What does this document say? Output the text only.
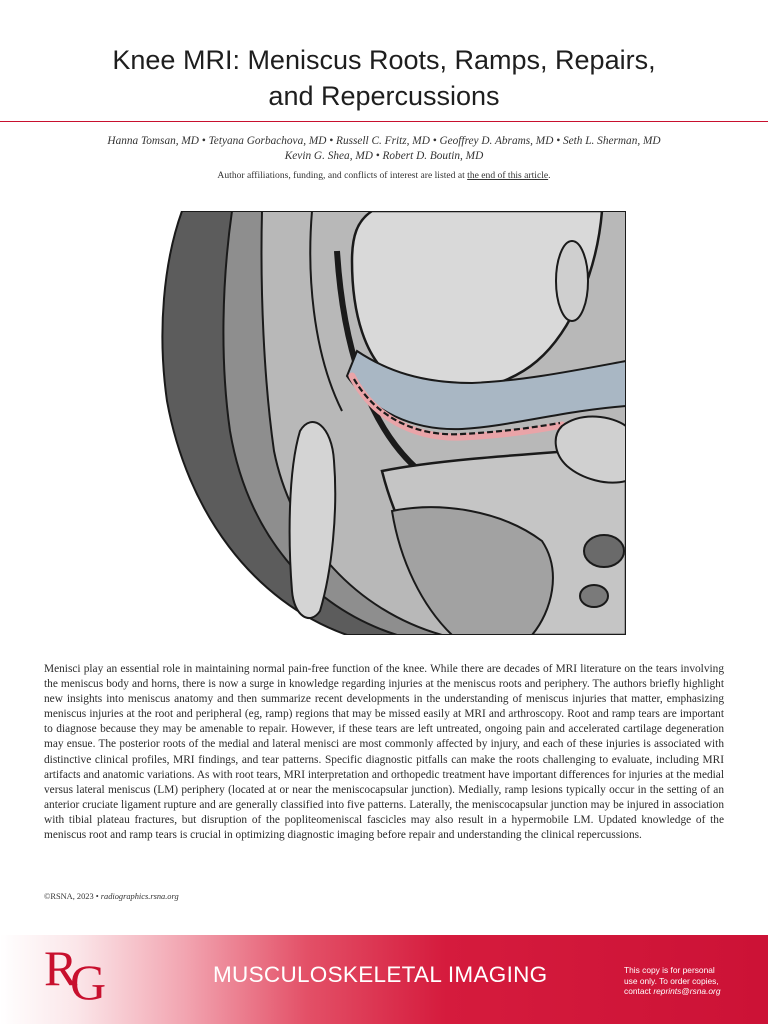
Knee MRI: Meniscus Roots, Ramps, Repairs,
and Repercussions
Hanna Tomsan, MD • Tetyana Gorbachova, MD • Russell C. Fritz, MD • Geoffrey D. Abrams, MD • Seth L. Sherman, MD
Kevin G. Shea, MD • Robert D. Boutin, MD
Author affiliations, funding, and conflicts of interest are listed at the end of this article.

Menisci play an essential role in maintaining normal pain-free function of the knee. While there are decades of MRI literature on the tears involving the meniscus body and horns, there is now a surge in knowledge regarding injuries at the meniscus roots and periphery. The authors briefly highlight new insights into meniscus anatomy and then summarize recent developments in the understanding of meniscus injuries that matter, emphasizing meniscus injuries at the root and peripheral (eg, ramp) regions that may be missed easily at MRI and arthroscopy. Root and ramp tears are important to diagnose because they may be amenable to repair. However, if these tears are left untreated, ongoing pain and accelerated cartilage degeneration may ensue. The posterior roots of the medial and lateral menisci are most commonly affected by injury, and each of these injuries is associated with distinctive clinical profiles, MRI findings, and tear patterns. Specific diagnostic pitfalls can make the roots challenging to evaluate, including MRI artifacts and anatomic variations. As with root tears, MRI interpretation and orthopedic treatment have important differences for injuries at the medial versus lateral meniscus (LM) periphery (located at or near the meniscocapsular junction). Medially, ramp lesions typically occur in the setting of an anterior cruciate ligament rupture and are generally classified into five patterns. Laterally, the meniscocapsular junction may be injured in association with tibial plateau fractures, but disruption of the popliteomeniscal fascicles may also result in a hypermobile LM. Updated knowledge of the meniscus root and ramp tears is crucial in optimizing diagnostic imaging before repair and understanding the clinical repercussions.

©RSNA, 2023 • radiographics.rsna.org
R
G	MUSCULOSKELETAL IMAGING	This copy is for personal
use only. To order copies,
contact reprints@rsna.org
